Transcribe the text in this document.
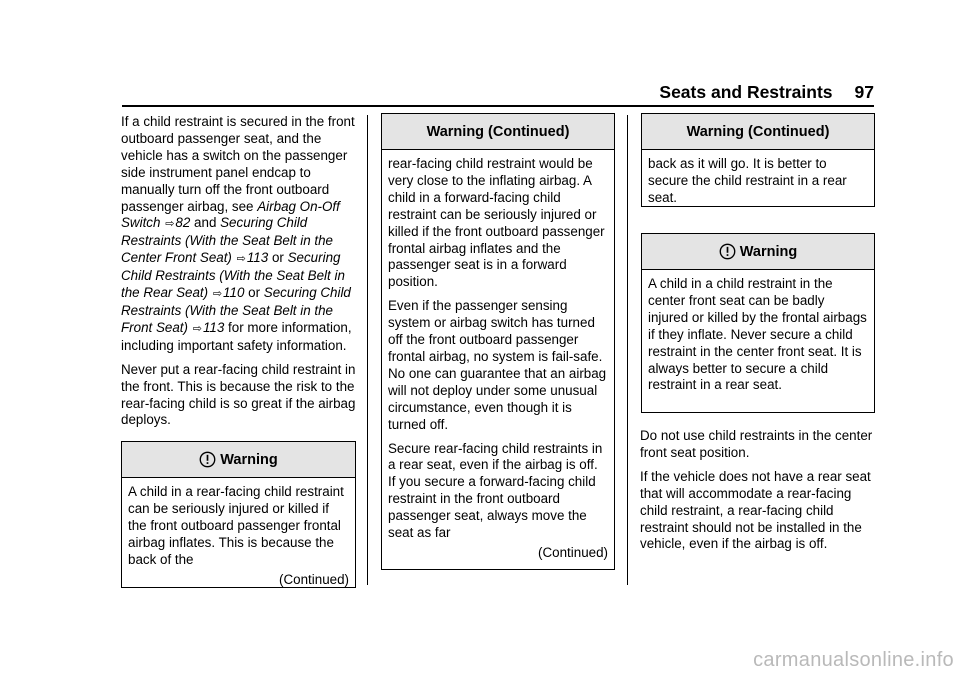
Seats and Restraints 97

If a child restraint is secured in the front outboard passenger seat, and the vehicle has a switch on the passenger side instrument panel endcap to manually turn off the front outboard passenger airbag, see Airbag On-Off Switch ⇨82 and Securing Child Restraints (With the Seat Belt in the Center Front Seat) ⇨113 or Securing Child Restraints (With the Seat Belt in the Rear Seat) ⇨110 or Securing Child Restraints (With the Seat Belt in the Front Seat) ⇨113 for more information, including important safety information.

Never put a rear-facing child restraint in the front. This is because the risk to the rear-facing child is so great if the airbag deploys.

Warning

A child in a rear-facing child restraint can be seriously injured or killed if the front outboard passenger frontal airbag inflates. This is because the back of the

(Continued)
Warning (Continued)

rear-facing child restraint would be very close to the inflating airbag. A child in a forward-facing child restraint can be seriously injured or killed if the front outboard passenger frontal airbag inflates and the passenger seat is in a forward position.

Even if the passenger sensing system or airbag switch has turned off the front outboard passenger frontal airbag, no system is fail-safe. No one can guarantee that an airbag will not deploy under some unusual circumstance, even though it is turned off.

Secure rear-facing child restraints in a rear seat, even if the airbag is off. If you secure a forward-facing child restraint in the front outboard passenger seat, always move the seat as far

(Continued)
Warning (Continued)

back as it will go. It is better to secure the child restraint in a rear seat.

Warning

A child in a child restraint in the center front seat can be badly injured or killed by the frontal airbags if they inflate. Never secure a child restraint in the center front seat. It is always better to secure a child restraint in a rear seat.

Do not use child restraints in the center front seat position.

If the vehicle does not have a rear seat that will accommodate a rear-facing child restraint, a rear-facing child restraint should not be installed in the vehicle, even if the airbag is off.

carmanualsonline.info
